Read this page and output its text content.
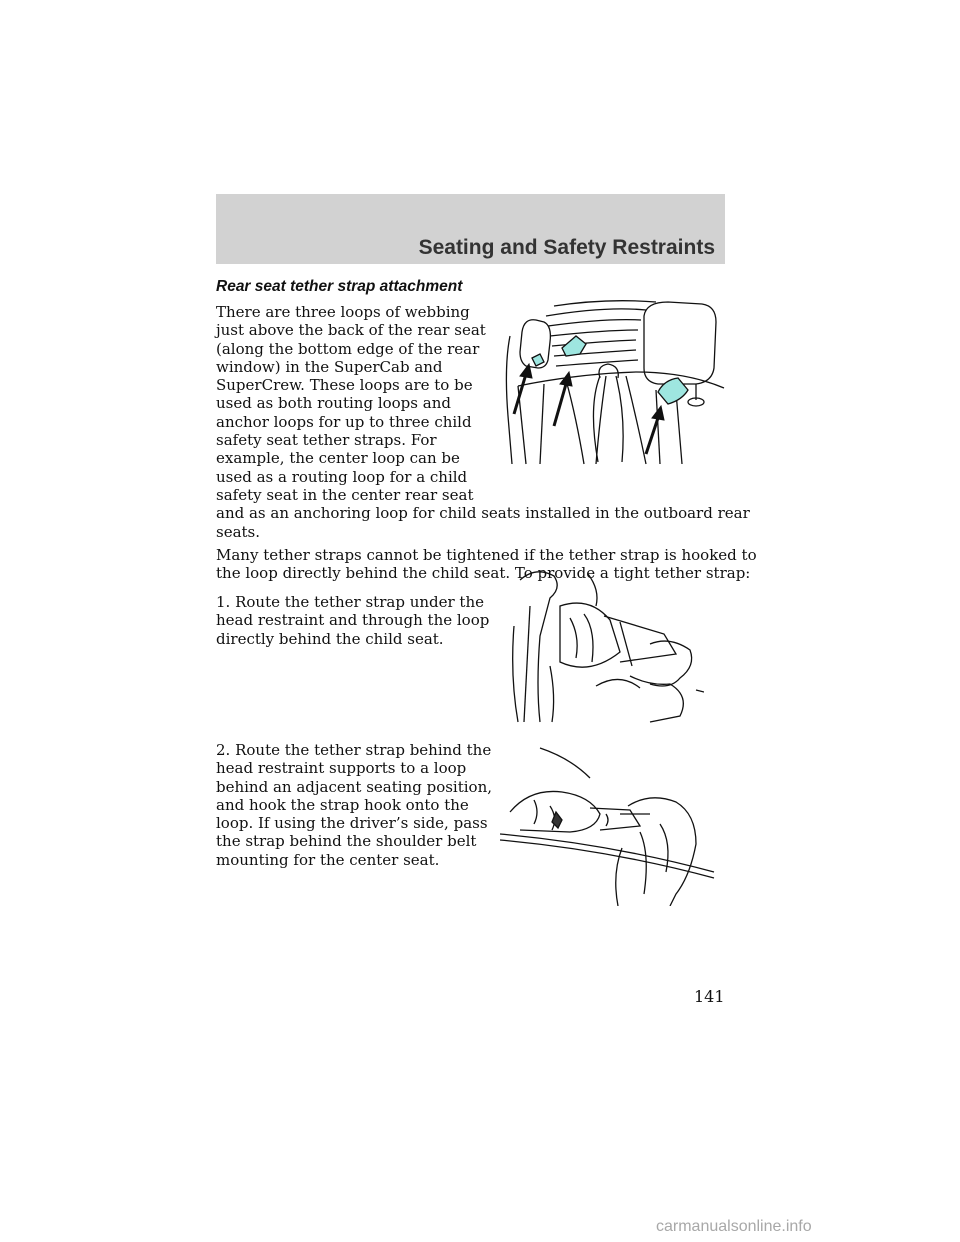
Seating and Safety Restraints
Rear seat tether strap attachment

There are three loops of webbing
just above the back of the rear seat
(along the bottom edge of the rear
window) in the SuperCab and
SuperCrew. These loops are to be
used as both routing loops and
anchor loops for up to three child
safety seat tether straps. For
example, the center loop can be
used as a routing loop for a child
safety seat in the center rear seat
and as an anchoring loop for child seats installed in the outboard rear
seats.

Many tether straps cannot be tightened if the tether strap is hooked to
the loop directly behind the child seat. To provide a tight tether strap:

1. Route the tether strap under the
head restraint and through the loop
directly behind the child seat.

2. Route the tether strap behind the
head restraint supports to a loop
behind an adjacent seating position,
and hook the strap hook onto the
loop. If using the driver’s side, pass
the strap behind the shoulder belt
mounting for the center seat.

141
carmanualsonline.info
